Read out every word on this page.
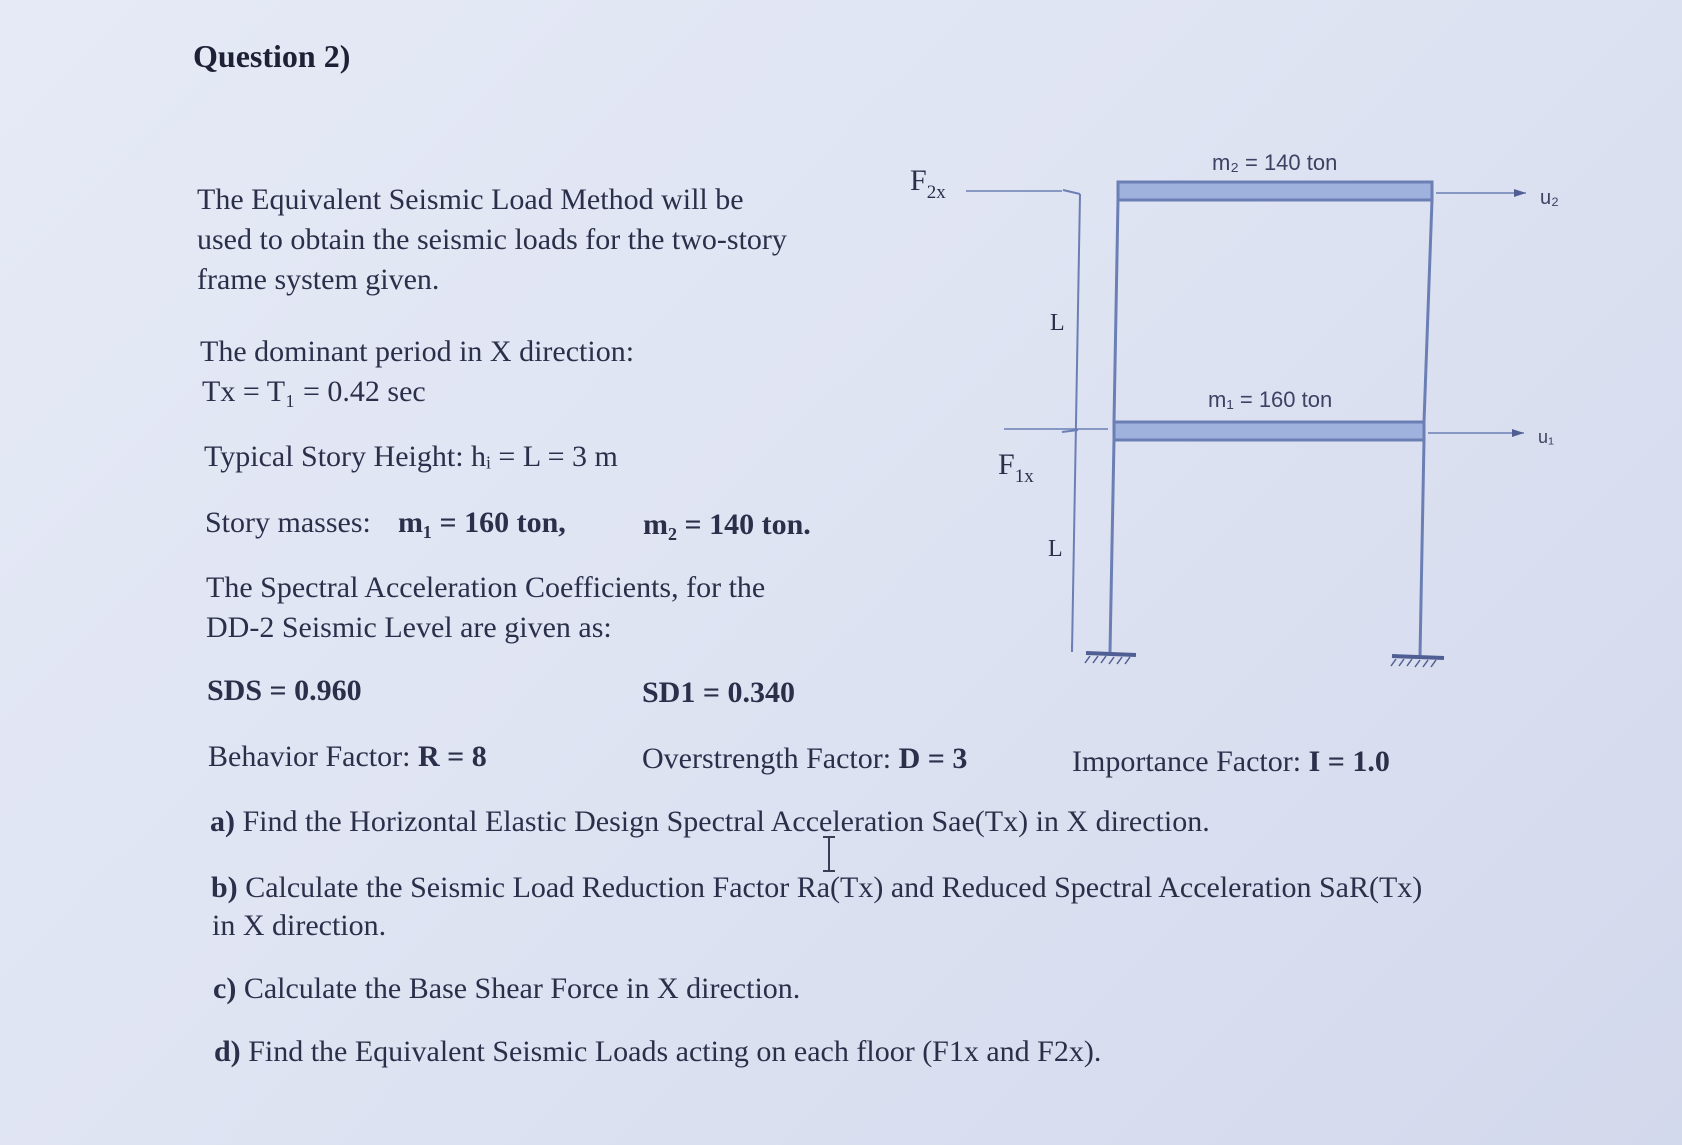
Question 2)
The Equivalent Seismic Load Method will be
used to obtain the seismic loads for the two-story
frame system given.
The dominant period in X direction:
Tx = T₁ = 0.42 sec
Typical Story Height: hᵢ = L = 3 m
Story masses: m₁ = 160 ton,	m₂ = 140 ton.
The Spectral Acceleration Coefficients, for the
DD-2 Seismic Level are given as:
SDS = 0.960	SD1 = 0.340
Behavior Factor: R = 8	Overstrength Factor: D = 3	Importance Factor: I = 1.0
a) Find the Horizontal Elastic Design Spectral Acceleration Sae(Tx) in X direction.
b) Calculate the Seismic Load Reduction Factor Ra(Tx) and Reduced Spectral Acceleration SaR(Tx)
in X direction.
c) Calculate the Base Shear Force in X direction.
d) Find the Equivalent Seismic Loads acting on each floor (F1x and F2x).
m₂ = 140 ton
m₁ = 160 ton
u₂
u₁
$F_{2x}$
$F_{1x}$
L
L
